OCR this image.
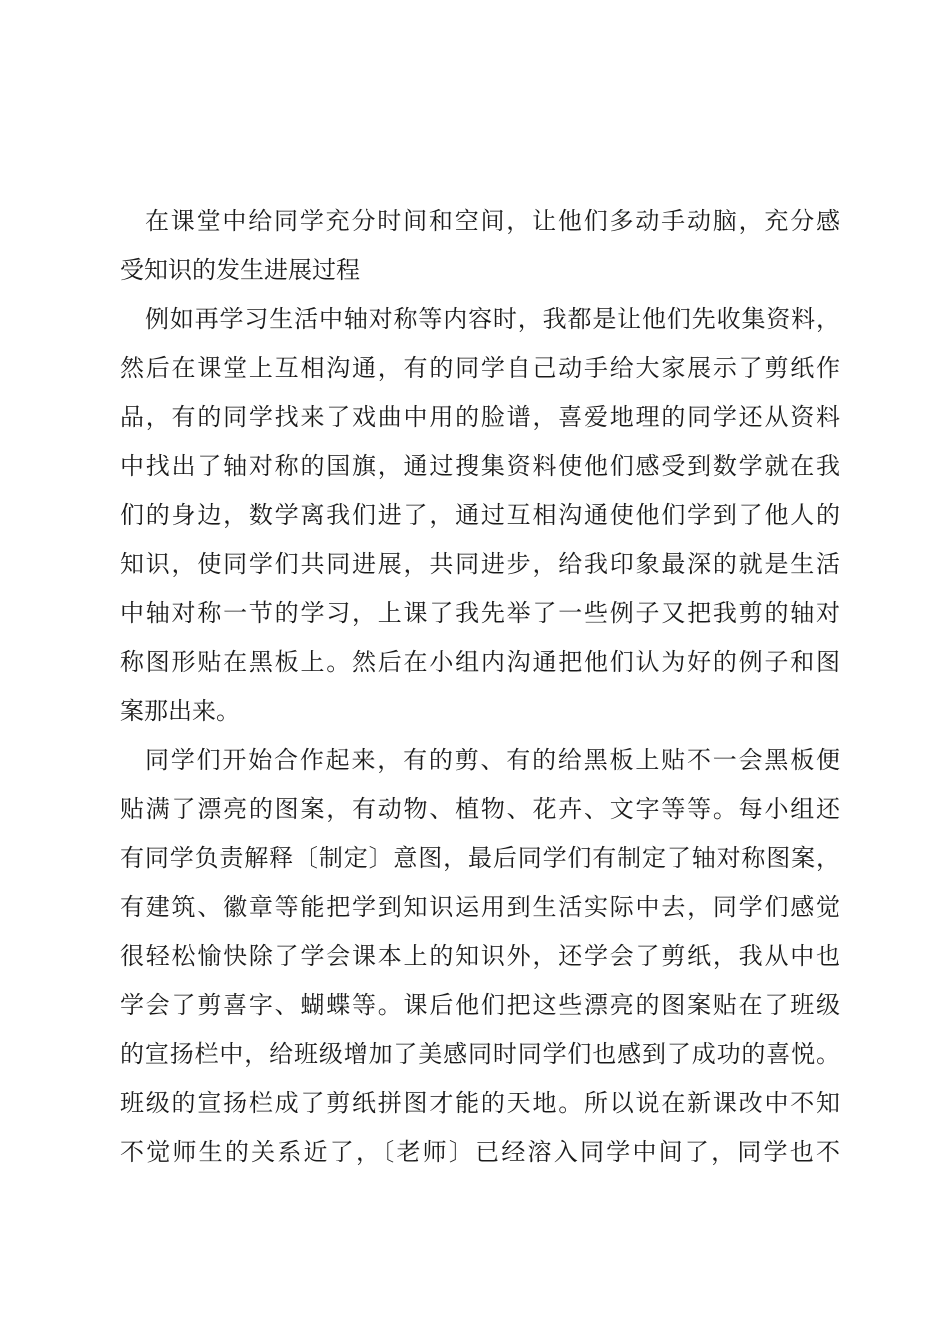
在课堂中给同学充分时间和空间，让他们多动手动脑，充分感
受知识的发生进展过程
例如再学习生活中轴对称等内容时，我都是让他们先收集资料，
然后在课堂上互相沟通，有的同学自己动手给大家展示了剪纸作
品，有的同学找来了戏曲中用的脸谱，喜爱地理的同学还从资料
中找出了轴对称的国旗，通过搜集资料使他们感受到数学就在我
们的身边，数学离我们进了，通过互相沟通使他们学到了他人的
知识，使同学们共同进展，共同进步，给我印象最深的就是生活
中轴对称一节的学习，上课了我先举了一些例子又把我剪的轴对
称图形贴在黑板上。然后在小组内沟通把他们认为好的例子和图
案那出来。
同学们开始合作起来，有的剪、有的给黑板上贴不一会黑板便
贴满了漂亮的图案，有动物、植物、花卉、文字等等。每小组还
有同学负责解释〔制定〕意图，最后同学们有制定了轴对称图案，
有建筑、徽章等能把学到知识运用到生活实际中去，同学们感觉
很轻松愉快除了学会课本上的知识外，还学会了剪纸，我从中也
学会了剪喜字、蝴蝶等。课后他们把这些漂亮的图案贴在了班级
的宣扬栏中，给班级增加了美感同时同学们也感到了成功的喜悦。
班级的宣扬栏成了剪纸拼图才能的天地。所以说在新课改中不知
不觉师生的关系近了，〔老师〕已经溶入同学中间了，同学也不
